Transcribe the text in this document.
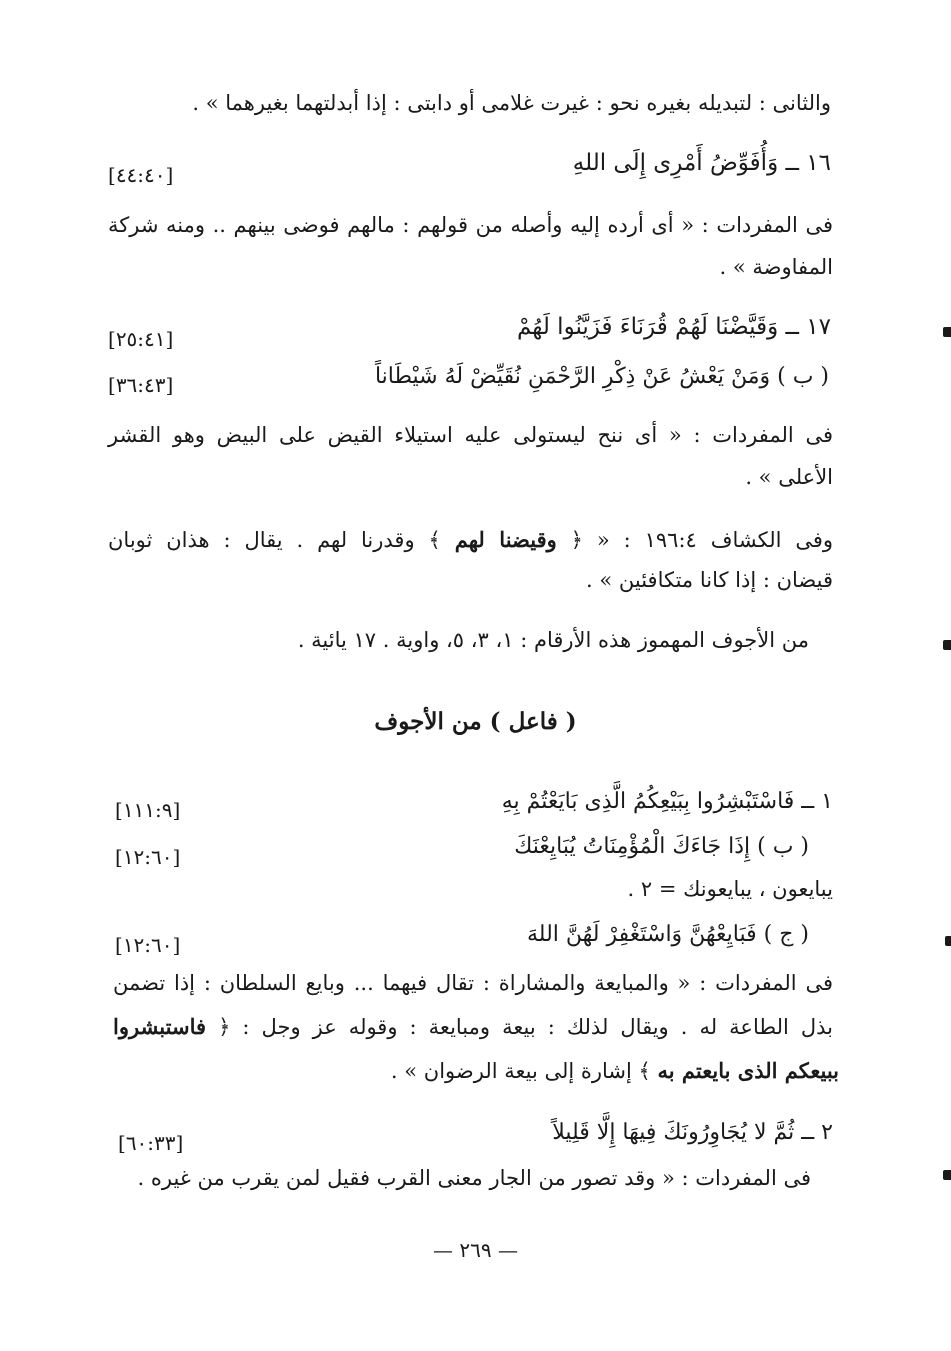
والثانى : لتبديله بغيره نحو : غيرت غلامى أو دابتى : إذا أبدلتهما بغيرهما » .
١٦ ــ وَأُفَوِّضُ أَمْرِى إِلَى اللهِ
[٤٤:٤٠]
فى المفردات : « أى أرده إليه وأصله من قولهم : مالهم فوضى بينهم .. ومنه شركة
المفاوضة » .
١٧ ــ وَقَيَّضْنَا لَهُمْ قُرَنَاءَ فَزَيَّنُوا لَهُمْ
[٢٥:٤١]
( ب ) وَمَنْ يَعْشُ عَنْ ذِكْرِ الرَّحْمَنِ نُقَيِّضْ لَهُ شَيْطَاناً
[٣٦:٤٣]
فى المفردات : « أى ننح ليستولى عليه استيلاء القيض على البيض وهو القشر
الأعلى » .
وفى الكشاف ١٩٦:٤ : « ﴿ وقيضنا لهم ﴾ وقدرنا لهم . يقال : هذان ثوبان
قيضان : إذا كانا متكافئين » .
من الأجوف المهموز هذه الأرقام : ١، ٣، ٥، واوية . ١٧ يائية .
( فاعل ) من الأجوف
١ ــ فَاسْتَبْشِرُوا بِبَيْعِكُمُ الَّذِى بَايَعْتُمْ بِهِ
[١١١:٩]
( ب ) إِذَا جَاءَكَ الْمُؤْمِنَاتُ يُبَايِعْنَكَ
[١٢:٦٠]
يبايعون ، يبايعونك = ٢ .
( ج ) فَبَايِعْهُنَّ وَاسْتَغْفِرْ لَهُنَّ اللهَ
[١٢:٦٠]
فى المفردات : « والمبايعة والمشاراة : تقال فيهما ... وبايع السلطان : إذا تضمن
بذل الطاعة له . ويقال لذلك : بيعة ومبايعة : وقوله عز وجل : ﴿ فاستبشروا
ببيعكم الذى بايعتم به ﴾ إشارة إلى بيعة الرضوان » .
٢ ــ ثُمَّ لا يُجَاوِرُونَكَ فِيهَا إِلَّا قَلِيلاً
[٦٠:٣٣]
فى المفردات : « وقد تصور من الجار معنى القرب فقيل لمن يقرب من غيره .
— ٢٦٩ —
